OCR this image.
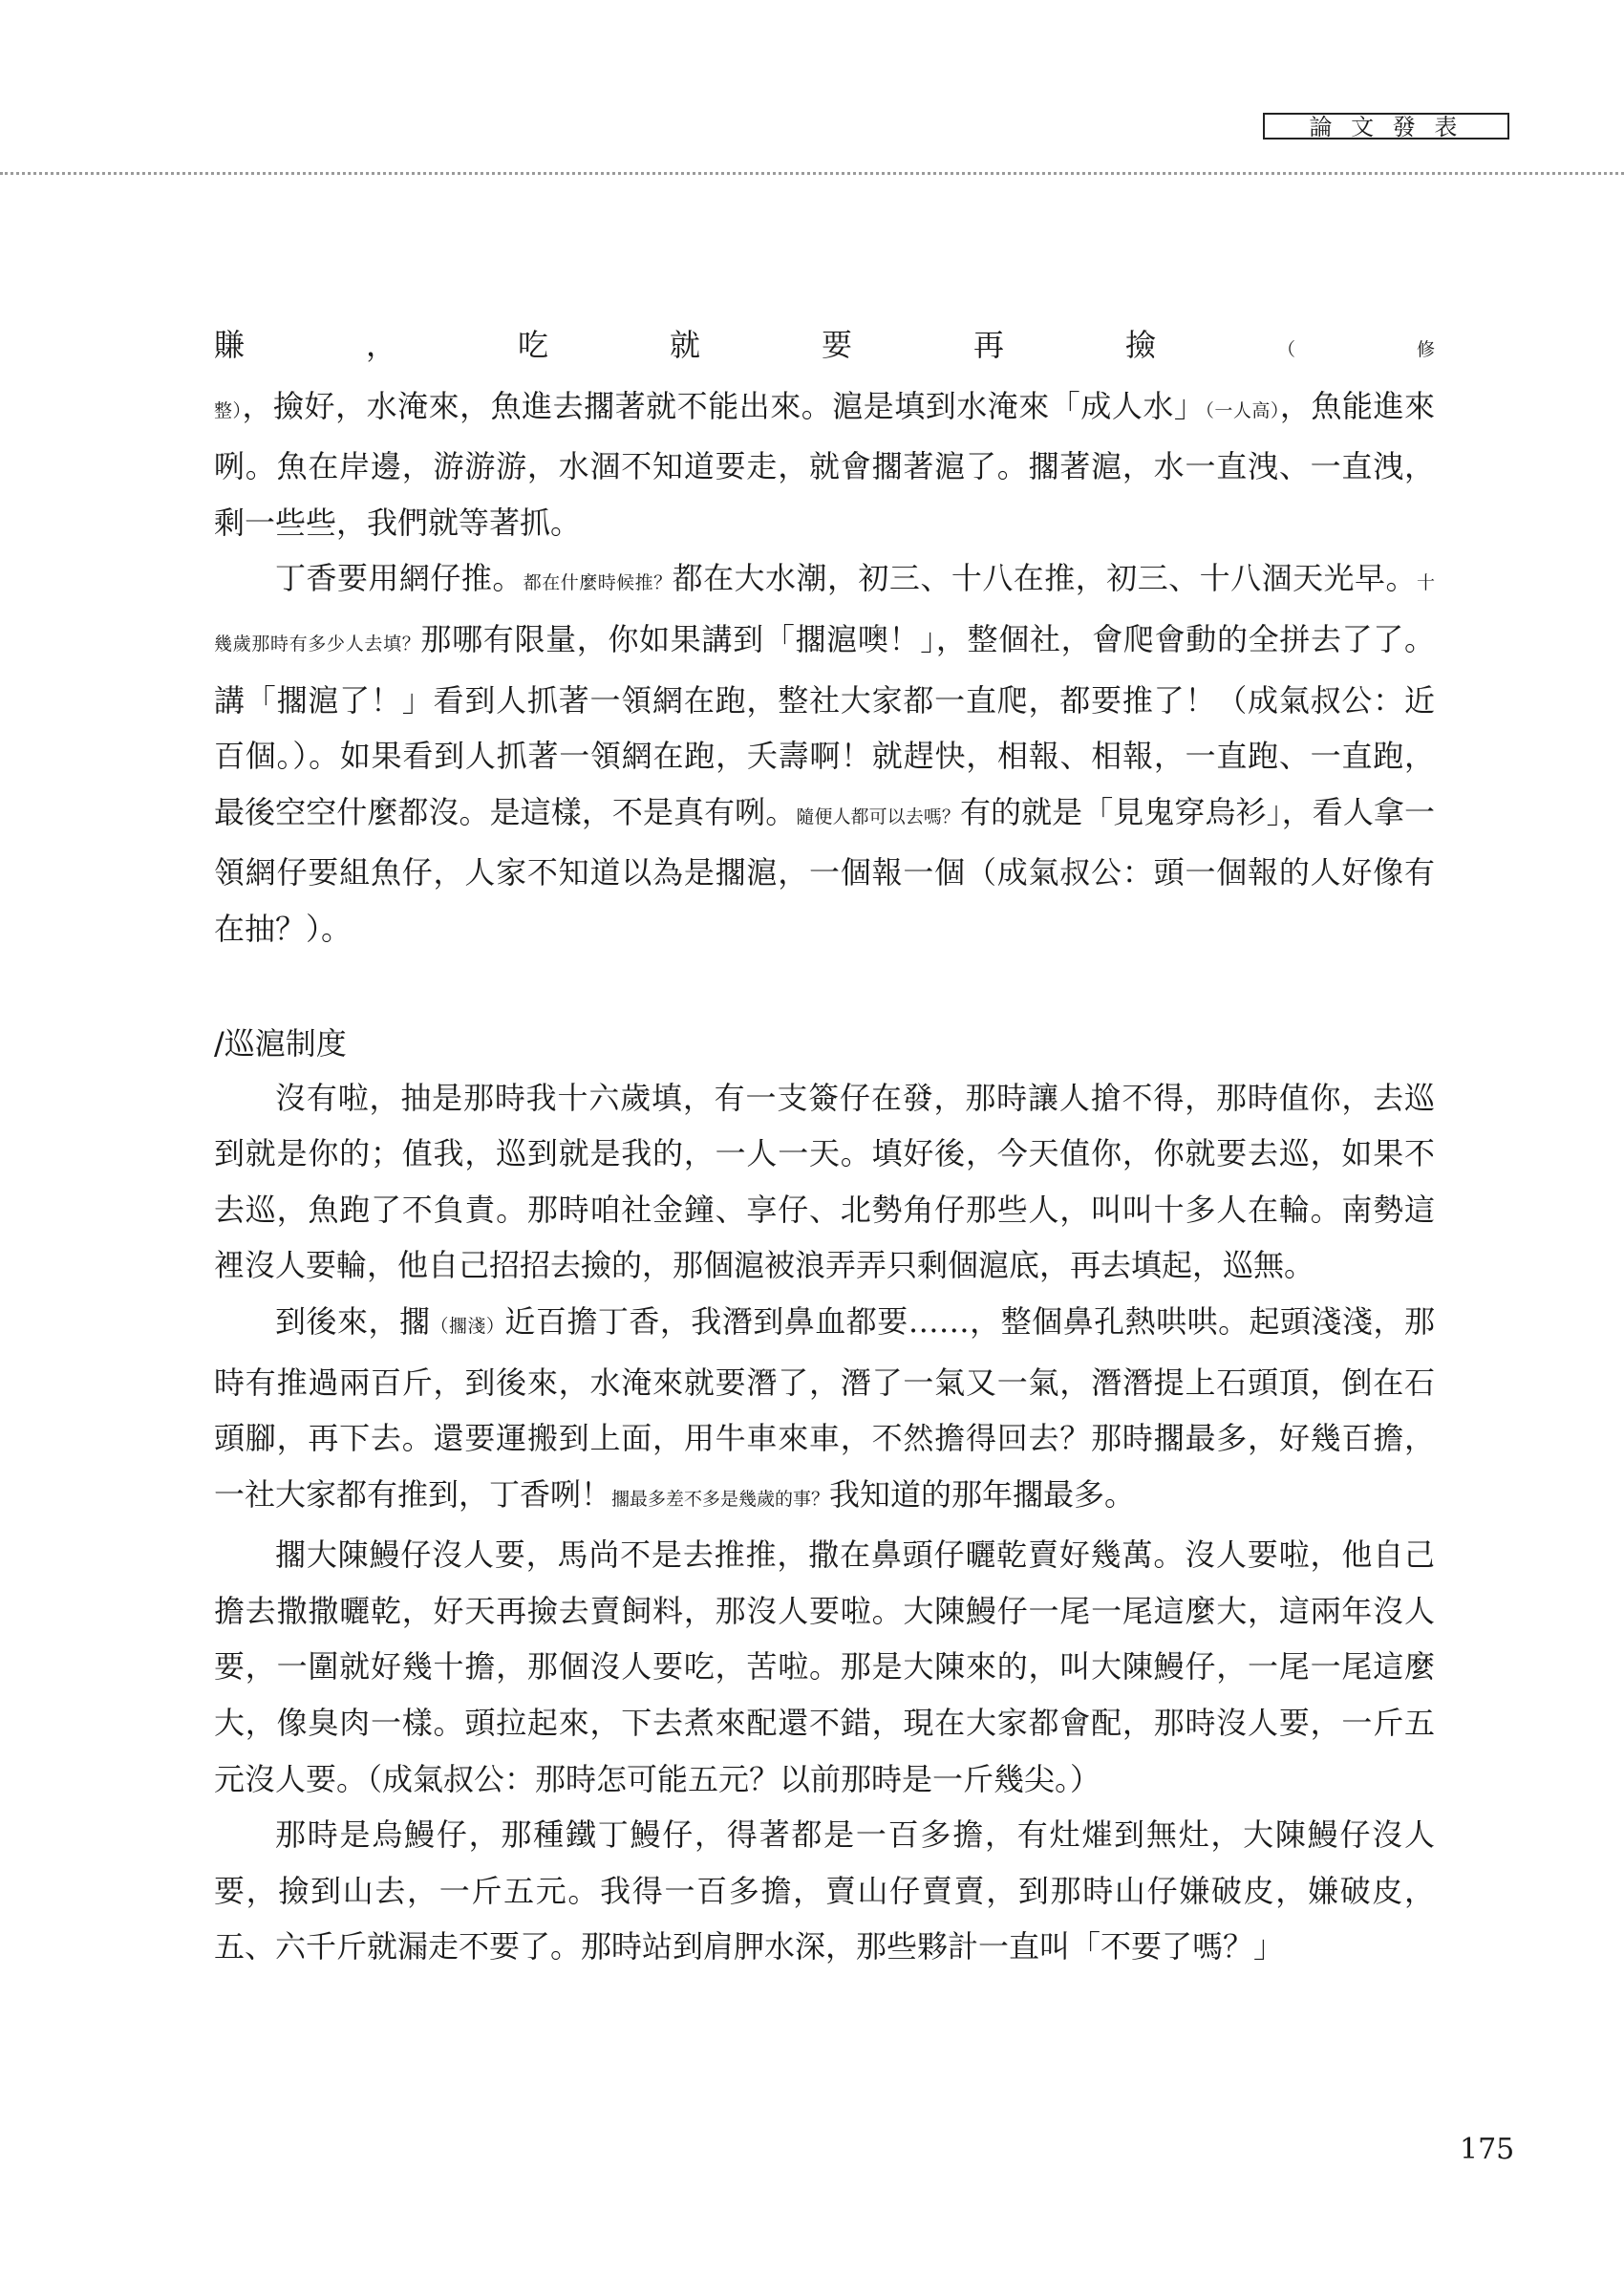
論 文 發 表

賺，吃就要再撿（修整），撿好，水淹來，魚進去擱著就不能出來。滬是填到水淹來「成人水」（一人高），魚能進來咧。魚在岸邊，游游游，水涸不知道要走，就會擱著滬了。擱著滬，水一直洩、一直洩，剩一些些，我們就等著抓。

丁香要用網仔推。都在什麼時候推？都在大水潮，初三、十八在推，初三、十八涸天光早。十幾歲那時有多少人去填？那哪有限量，你如果講到「擱滬噢！」，整個社，會爬會動的全拼去了了。講「擱滬了！」看到人抓著一領網在跑，整社大家都一直爬，都要推了！（成氣叔公：近百個。）。如果看到人抓著一領網在跑，夭壽啊！就趕快，相報、相報，一直跑、一直跑，最後空空什麼都沒。是這樣，不是真有咧。隨便人都可以去嗎？有的就是「見鬼穿烏衫」，看人拿一領網仔要組魚仔，人家不知道以為是擱滬，一個報一個（成氣叔公：頭一個報的人好像有在抽？）。

/巡滬制度

沒有啦，抽是那時我十六歲填，有一支簽仔在發，那時讓人搶不得，那時值你，去巡到就是你的；值我，巡到就是我的，一人一天。填好後，今天值你，你就要去巡，如果不去巡，魚跑了不負責。那時咱社金鐘、享仔、北勢角仔那些人，叫叫十多人在輪。南勢這裡沒人要輪，他自己招招去撿的，那個滬被浪弄弄只剩個滬底，再去填起，巡無。

到後來，擱（擱淺）近百擔丁香，我潛到鼻血都要……，整個鼻孔熱哄哄。起頭淺淺，那時有推過兩百斤，到後來，水淹來就要潛了，潛了一氣又一氣，潛潛提上石頭頂，倒在石頭腳，再下去。還要運搬到上面，用牛車來車，不然擔得回去？那時擱最多，好幾百擔，一社大家都有推到，丁香咧！擱最多差不多是幾歲的事？我知道的那年擱最多。

擱大陳鰻仔沒人要，馬尚不是去推推，撒在鼻頭仔曬乾賣好幾萬。沒人要啦，他自己擔去撒撒曬乾，好天再撿去賣飼料，那沒人要啦。大陳鰻仔一尾一尾這麼大，這兩年沒人要，一圍就好幾十擔，那個沒人要吃，苦啦。那是大陳來的，叫大陳鰻仔，一尾一尾這麼大，像臭肉一樣。頭拉起來，下去煮來配還不錯，現在大家都會配，那時沒人要，一斤五元沒人要。（成氣叔公：那時怎可能五元？以前那時是一斤幾尖。）

那時是烏鰻仔，那種鐵丁鰻仔，得著都是一百多擔，有灶熣到無灶，大陳鰻仔沒人要，撿到山去，一斤五元。我得一百多擔，賣山仔賣賣，到那時山仔嫌破皮，嫌破皮，五、六千斤就漏走不要了。那時站到肩胛水深，那些夥計一直叫「不要了嗎？」

175
